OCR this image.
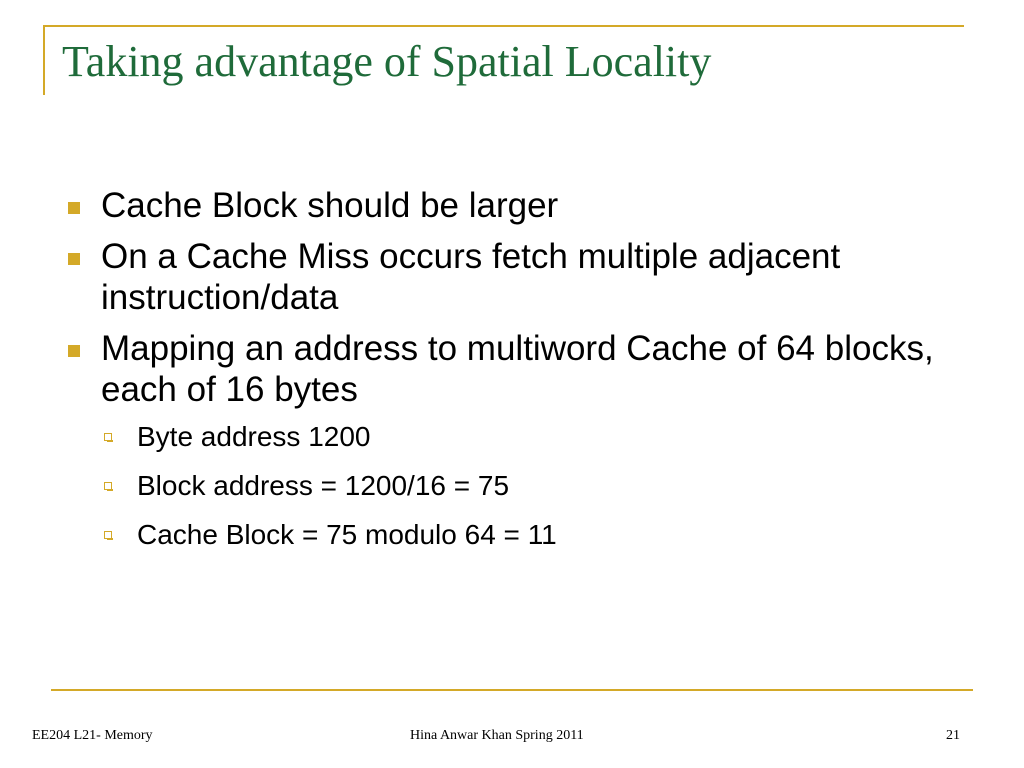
Taking advantage of Spatial Locality
Cache Block should be larger
On a Cache Miss occurs fetch multiple adjacent instruction/data
Mapping an address to multiword Cache of 64 blocks, each of 16 bytes
Byte address 1200
Block address = 1200/16 = 75
Cache Block = 75 modulo 64 = 11
EE204 L21- Memory	Hina Anwar Khan Spring 2011	21
